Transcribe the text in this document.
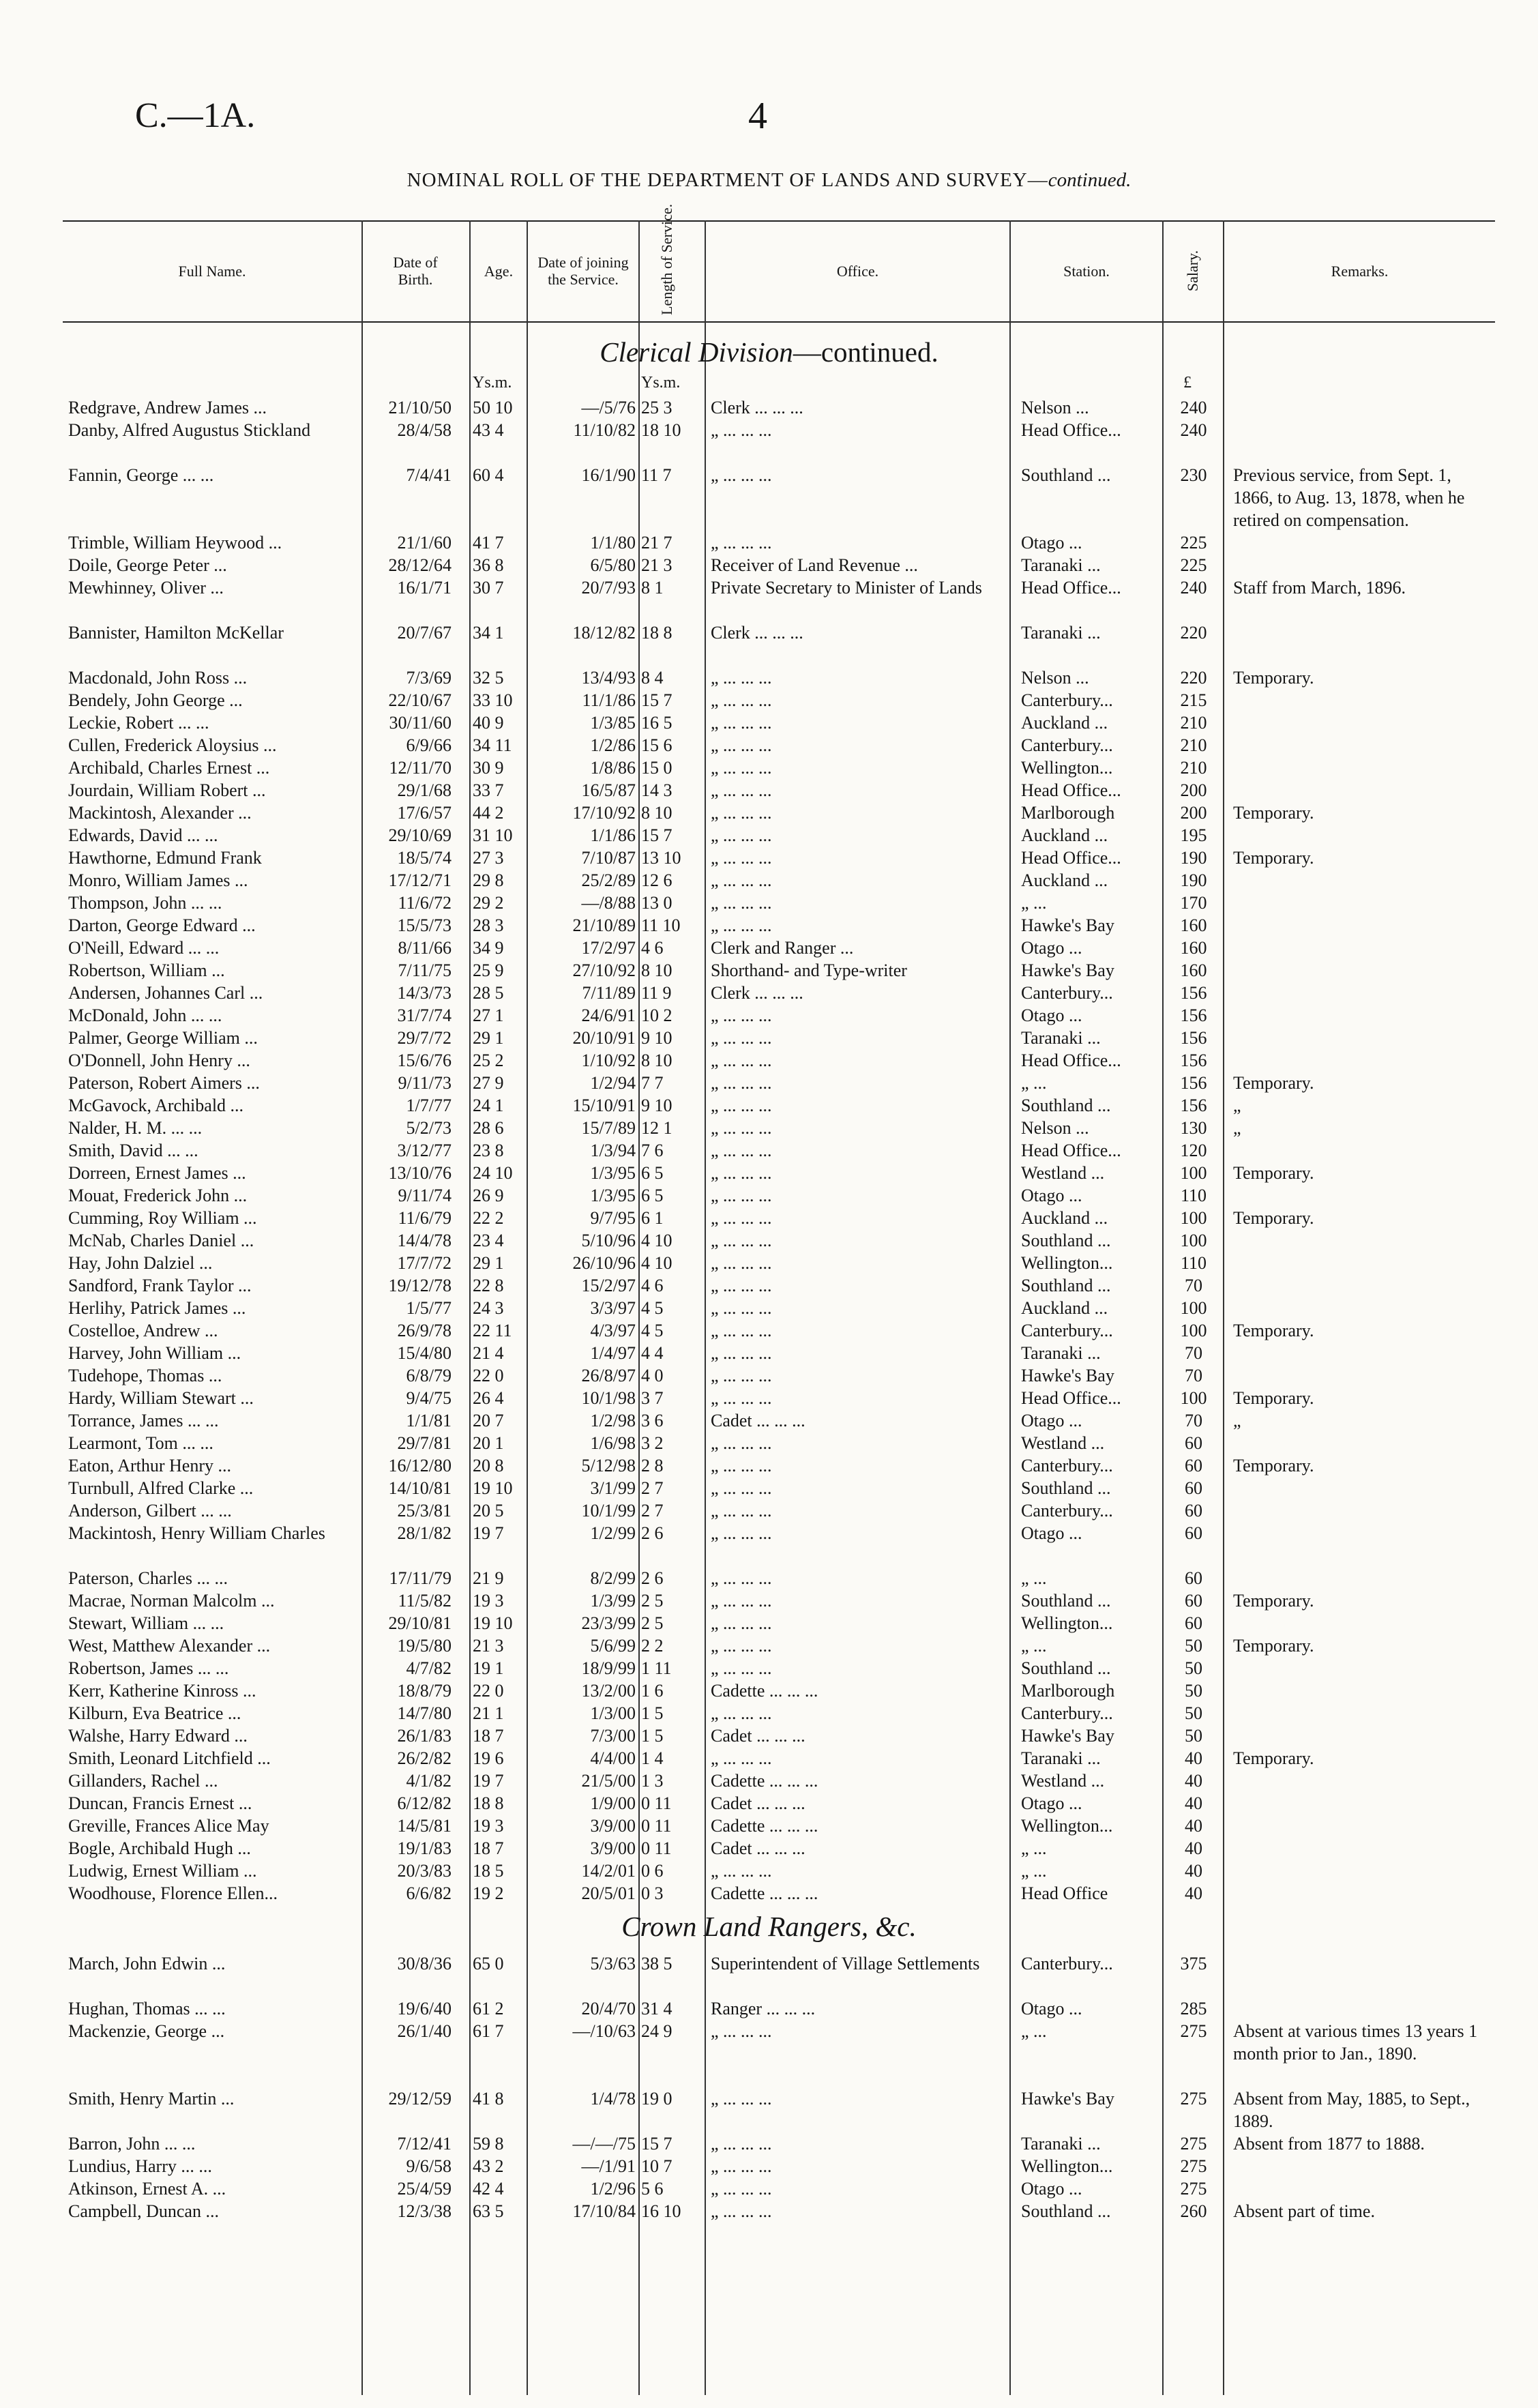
C.—1A.	4
NOMINAL ROLL OF THE DEPARTMENT OF LANDS AND SURVEY—continued.
Full Name.	Date of Birth.	Age.	Date of joining the Service.	Length of Service.	Office.	Station.	Salary.	Remarks.
Clerical Division—continued.
Ys.m.	Ys.m.	£
Redgrave, Andrew James ...	21/10/50 50 10	—/5/76 25 3	Clerk ... ... ...	Nelson ...	240
Danby, Alfred Augustus Stickland	28/4/58 43 4	11/10/82 18 10	„ ... ... ...	Head Office...	240
Fannin, George ... ...	7/4/41 60 4	16/1/90 11 7	„ ... ... ...	Southland ...	230	Previous service, from Sept. 1, 1866, to Aug. 13, 1878, when he retired on compensation.
Trimble, William Heywood ...	21/1/60 41 7	1/1/80 21 7	„ ... ... ...	Otago ...	225
Doile, George Peter ...	28/12/64 36 8	6/5/80 21 3	Receiver of Land Revenue ...	Taranaki ...	225
Mewhinney, Oliver ...	16/1/71 30 7	20/7/93 8 1	Private Secretary to Minister of Lands	Head Office...	240	Staff from March, 1896.
Bannister, Hamilton McKellar	20/7/67 34 1	18/12/82 18 8	Clerk ... ... ...	Taranaki ...	220
Macdonald, John Ross ...	7/3/69 32 5	13/4/93 8 4	„ ... ... ...	Nelson ...	220	Temporary.
Bendely, John George ...	22/10/67 33 10	11/1/86 15 7	„ ... ... ...	Canterbury...	215
Leckie, Robert ... ...	30/11/60 40 9	1/3/85 16 5	„ ... ... ...	Auckland ...	210
Cullen, Frederick Aloysius ...	6/9/66 34 11	1/2/86 15 6	„ ... ... ...	Canterbury...	210
Archibald, Charles Ernest ...	12/11/70 30 9	1/8/86 15 0	„ ... ... ...	Wellington...	210
Jourdain, William Robert ...	29/1/68 33 7	16/5/87 14 3	„ ... ... ...	Head Office...	200
Mackintosh, Alexander ...	17/6/57 44 2	17/10/92 8 10	„ ... ... ...	Marlborough	200	Temporary.
Edwards, David ... ...	29/10/69 31 10	1/1/86 15 7	„ ... ... ...	Auckland ...	195
Hawthorne, Edmund Frank	18/5/74 27 3	7/10/87 13 10	„ ... ... ...	Head Office...	190	Temporary.
Monro, William James ...	17/12/71 29 8	25/2/89 12 6	„ ... ... ...	Auckland ...	190
Thompson, John ... ...	11/6/72 29 2	—/8/88 13 0	„ ... ... ...	„ ...	170
Darton, George Edward ...	15/5/73 28 3	21/10/89 11 10	„ ... ... ...	Hawke's Bay	160
O'Neill, Edward ... ...	8/11/66 34 9	17/2/97 4 6	Clerk and Ranger ...	Otago ...	160
Robertson, William ...	7/11/75 25 9	27/10/92 8 10	Shorthand- and Type-writer	Hawke's Bay	160
Andersen, Johannes Carl ...	14/3/73 28 5	7/11/89 11 9	Clerk ... ... ...	Canterbury...	156
McDonald, John ... ...	31/7/74 27 1	24/6/91 10 2	„ ... ... ...	Otago ...	156
Palmer, George William ...	29/7/72 29 1	20/10/91 9 10	„ ... ... ...	Taranaki ...	156
O'Donnell, John Henry ...	15/6/76 25 2	1/10/92 8 10	„ ... ... ...	Head Office...	156
Paterson, Robert Aimers ...	9/11/73 27 9	1/2/94 7 7	„ ... ... ...	„ ...	156	Temporary.
McGavock, Archibald ...	1/7/77 24 1	15/10/91 9 10	„ ... ... ...	Southland ...	156	„
Nalder, H. M. ... ...	5/2/73 28 6	15/7/89 12 1	„ ... ... ...	Nelson ...	130	„
Smith, David ... ...	3/12/77 23 8	1/3/94 7 6	„ ... ... ...	Head Office...	120
Dorreen, Ernest James ...	13/10/76 24 10	1/3/95 6 5	„ ... ... ...	Westland ...	100	Temporary.
Mouat, Frederick John ...	9/11/74 26 9	1/3/95 6 5	„ ... ... ...	Otago ...	110
Cumming, Roy William ...	11/6/79 22 2	9/7/95 6 1	„ ... ... ...	Auckland ...	100	Temporary.
McNab, Charles Daniel ...	14/4/78 23 4	5/10/96 4 10	„ ... ... ...	Southland ...	100
Hay, John Dalziel ...	17/7/72 29 1	26/10/96 4 10	„ ... ... ...	Wellington...	110
Sandford, Frank Taylor ...	19/12/78 22 8	15/2/97 4 6	„ ... ... ...	Southland ...	70
Herlihy, Patrick James ...	1/5/77 24 3	3/3/97 4 5	„ ... ... ...	Auckland ...	100
Costelloe, Andrew ...	26/9/78 22 11	4/3/97 4 5	„ ... ... ...	Canterbury...	100	Temporary.
Harvey, John William ...	15/4/80 21 4	1/4/97 4 4	„ ... ... ...	Taranaki ...	70
Tudehope, Thomas ...	6/8/79 22 0	26/8/97 4 0	„ ... ... ...	Hawke's Bay	70
Hardy, William Stewart ...	9/4/75 26 4	10/1/98 3 7	„ ... ... ...	Head Office...	100	Temporary.
Torrance, James ... ...	1/1/81 20 7	1/2/98 3 6	Cadet ... ... ...	Otago ...	70	„
Learmont, Tom ... ...	29/7/81 20 1	1/6/98 3 2	„ ... ... ...	Westland ...	60
Eaton, Arthur Henry ...	16/12/80 20 8	5/12/98 2 8	„ ... ... ...	Canterbury...	60	Temporary.
Turnbull, Alfred Clarke ...	14/10/81 19 10	3/1/99 2 7	„ ... ... ...	Southland ...	60
Anderson, Gilbert ... ...	25/3/81 20 5	10/1/99 2 7	„ ... ... ...	Canterbury...	60
Mackintosh, Henry William Charles	28/1/82 19 7	1/2/99 2 6	„ ... ... ...	Otago ...	60
Paterson, Charles ... ...	17/11/79 21 9	8/2/99 2 6	„ ... ... ...	„ ...	60
Macrae, Norman Malcolm ...	11/5/82 19 3	1/3/99 2 5	„ ... ... ...	Southland ...	60	Temporary.
Stewart, William ... ...	29/10/81 19 10	23/3/99 2 5	„ ... ... ...	Wellington...	60
West, Matthew Alexander ...	19/5/80 21 3	5/6/99 2 2	„ ... ... ...	„ ...	50	Temporary.
Robertson, James ... ...	4/7/82 19 1	18/9/99 1 11	„ ... ... ...	Southland ...	50
Kerr, Katherine Kinross ...	18/8/79 22 0	13/2/00 1 6	Cadette ... ... ...	Marlborough	50
Kilburn, Eva Beatrice ...	14/7/80 21 1	1/3/00 1 5	„ ... ... ...	Canterbury...	50
Walshe, Harry Edward ...	26/1/83 18 7	7/3/00 1 5	Cadet ... ... ...	Hawke's Bay	50
Smith, Leonard Litchfield ...	26/2/82 19 6	4/4/00 1 4	„ ... ... ...	Taranaki ...	40	Temporary.
Gillanders, Rachel ...	4/1/82 19 7	21/5/00 1 3	Cadette ... ... ...	Westland ...	40
Duncan, Francis Ernest ...	6/12/82 18 8	1/9/00 0 11	Cadet ... ... ...	Otago ...	40
Greville, Frances Alice May	14/5/81 19 3	3/9/00 0 11	Cadette ... ... ...	Wellington...	40
Bogle, Archibald Hugh ...	19/1/83 18 7	3/9/00 0 11	Cadet ... ... ...	„ ...	40
Ludwig, Ernest William ...	20/3/83 18 5	14/2/01 0 6	„ ... ... ...	„ ...	40
Woodhouse, Florence Ellen...	6/6/82 19 2	20/5/01 0 3	Cadette ... ... ...	Head Office	40
Crown Land Rangers, &c.
March, John Edwin ...	30/8/36 65 0	5/3/63 38 5	Superintendent of Village Settlements	Canterbury...	375
Hughan, Thomas ... ...	19/6/40 61 2	20/4/70 31 4	Ranger ... ... ...	Otago ...	285
Mackenzie, George ...	26/1/40 61 7	—/10/63 24 9	„ ... ... ...	„ ...	275	Absent at various times 13 years 1 month prior to Jan., 1890.
Smith, Henry Martin ...	29/12/59 41 8	1/4/78 19 0	„ ... ... ...	Hawke's Bay	275	Absent from May, 1885, to Sept., 1889.
Barron, John ... ...	7/12/41 59 8	—/—/75 15 7	„ ... ... ...	Taranaki ...	275	Absent from 1877 to 1888.
Lundius, Harry ... ...	9/6/58 43 2	—/1/91 10 7	„ ... ... ...	Wellington...	275
Atkinson, Ernest A. ...	25/4/59 42 4	1/2/96 5 6	„ ... ... ...	Otago ...	275
Campbell, Duncan ...	12/3/38 63 5	17/10/84 16 10	„ ... ... ...	Southland ...	260	Absent part of time.
